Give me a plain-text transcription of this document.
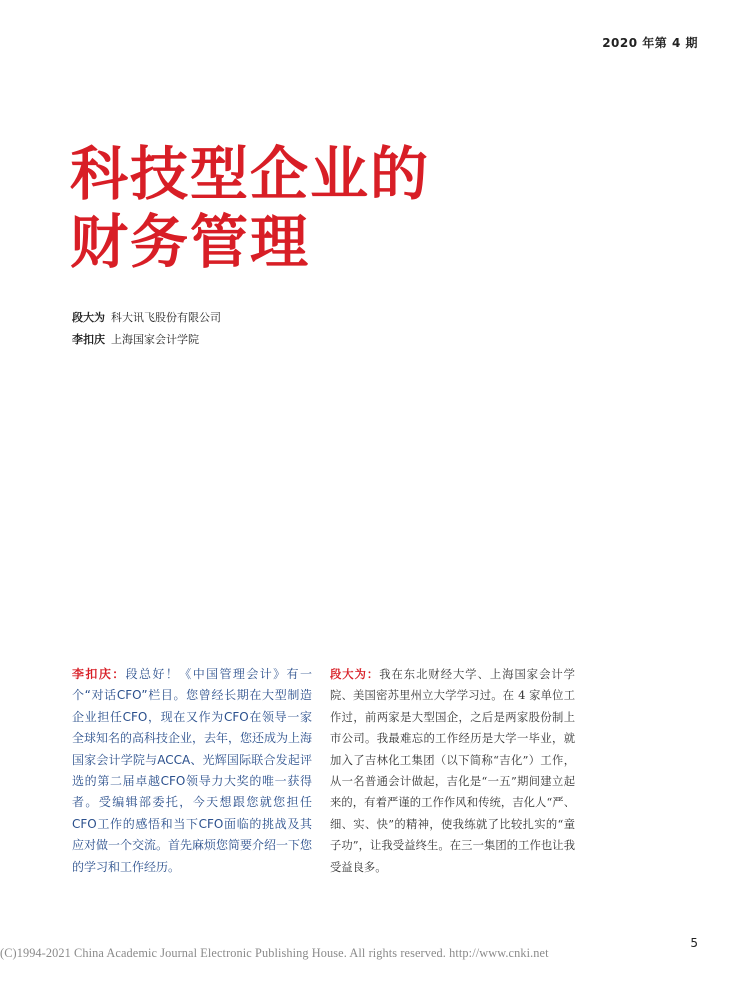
2020 年第 4 期
科技型企业的
财务管理
段大为 科大讯飞股份有限公司
李扣庆 上海国家会计学院
李扣庆：段总好！《中国管理会计》有一个“对话CFO”栏目。您曾经长期在大型制造企业担任CFO，现在又作为CFO在领导一家全球知名的高科技企业，去年，您还成为上海国家会计学院与ACCA、光辉国际联合发起评选的第二届卓越CFO领导力大奖的唯一获得者。受编辑部委托，今天想跟您就您担任CFO工作的感悟和当下CFO面临的挑战及其应对做一个交流。首先麻烦您简要介绍一下您的学习和工作经历。
段大为：我在东北财经大学、上海国家会计学院、美国密苏里州立大学学习过。在 4 家单位工作过，前两家是大型国企，之后是两家股份制上市公司。我最难忘的工作经历是大学一毕业，就加入了吉林化工集团（以下简称“吉化”）工作，从一名普通会计做起，吉化是“一五”期间建立起来的，有着严谨的工作作风和传统，吉化人“严、细、实、快”的精神，使我练就了比较扎实的“童子功”，让我受益终生。在三一集团的工作也让我受益良多。
5
(C)1994-2021 China Academic Journal Electronic Publishing House. All rights reserved. http://www.cnki.net
